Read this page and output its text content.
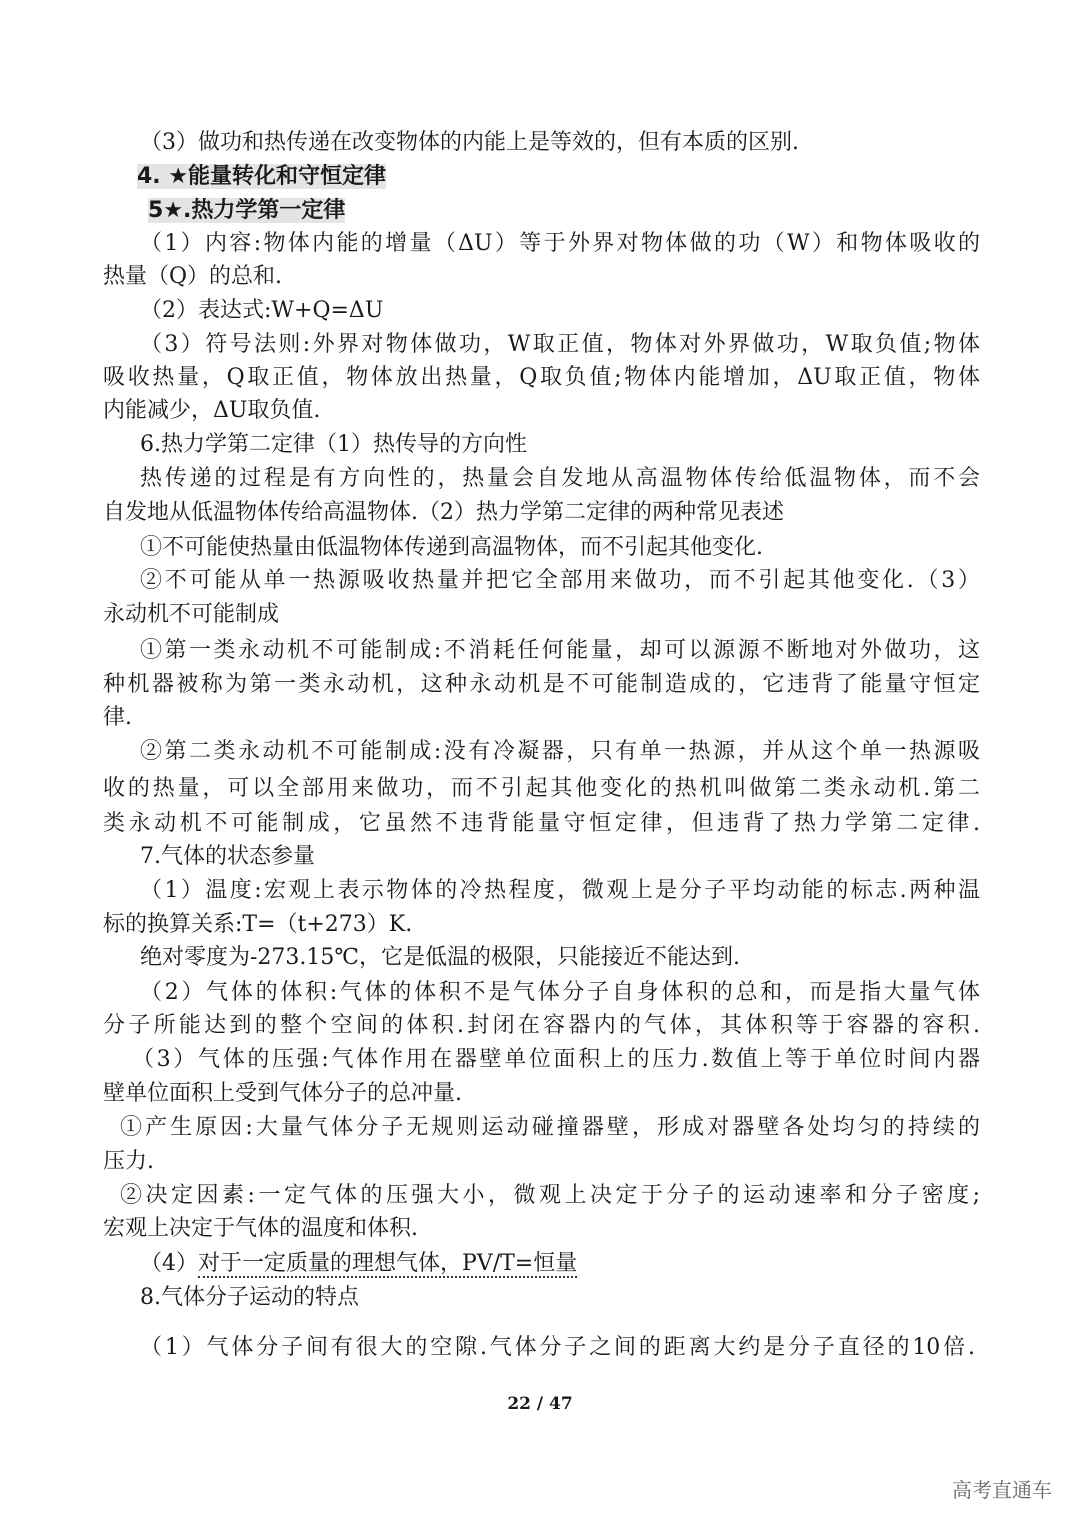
（3）做功和热传递在改变物体的内能上是等效的，但有本质的区别.
4. ★能量转化和守恒定律
5★.热力学第一定律
（1）内容:物体内能的增量（ΔU）等于外界对物体做的功（W）和物体吸收的
热量（Q）的总和.
（2）表达式:W+Q=ΔU
（3）符号法则:外界对物体做功，W取正值，物体对外界做功，W取负值;物体
吸收热量，Q取正值，物体放出热量，Q取负值;物体内能增加，ΔU取正值，物体
内能减少，ΔU取负值.
6.热力学第二定律（1）热传导的方向性
热传递的过程是有方向性的，热量会自发地从高温物体传给低温物体，而不会
自发地从低温物体传给高温物体.（2）热力学第二定律的两种常见表述
①不可能使热量由低温物体传递到高温物体，而不引起其他变化.
②不可能从单一热源吸收热量并把它全部用来做功，而不引起其他变化.（3）
永动机不可能制成
①第一类永动机不可能制成:不消耗任何能量，却可以源源不断地对外做功，这
种机器被称为第一类永动机，这种永动机是不可能制造成的，它违背了能量守恒定
律.
②第二类永动机不可能制成:没有冷凝器，只有单一热源，并从这个单一热源吸
收的热量，可以全部用来做功，而不引起其他变化的热机叫做第二类永动机.第二
类永动机不可能制成，它虽然不违背能量守恒定律，但违背了热力学第二定律.
7.气体的状态参量
（1）温度:宏观上表示物体的冷热程度，微观上是分子平均动能的标志.两种温
标的换算关系:T=（t+273）K.
绝对零度为-273.15℃，它是低温的极限，只能接近不能达到.
（2）气体的体积:气体的体积不是气体分子自身体积的总和，而是指大量气体
分子所能达到的整个空间的体积.封闭在容器内的气体，其体积等于容器的容积.
（3）气体的压强:气体作用在器壁单位面积上的压力.数值上等于单位时间内器
壁单位面积上受到气体分子的总冲量.
①产生原因:大量气体分子无规则运动碰撞器壁，形成对器壁各处均匀的持续的
压力.
②决定因素:一定气体的压强大小，微观上决定于分子的运动速率和分子密度;
宏观上决定于气体的温度和体积.
（4）对于一定质量的理想气体，PV/T=恒量
8.气体分子运动的特点
（1）气体分子间有很大的空隙.气体分子之间的距离大约是分子直径的10倍.
22 / 47
高考直通车
